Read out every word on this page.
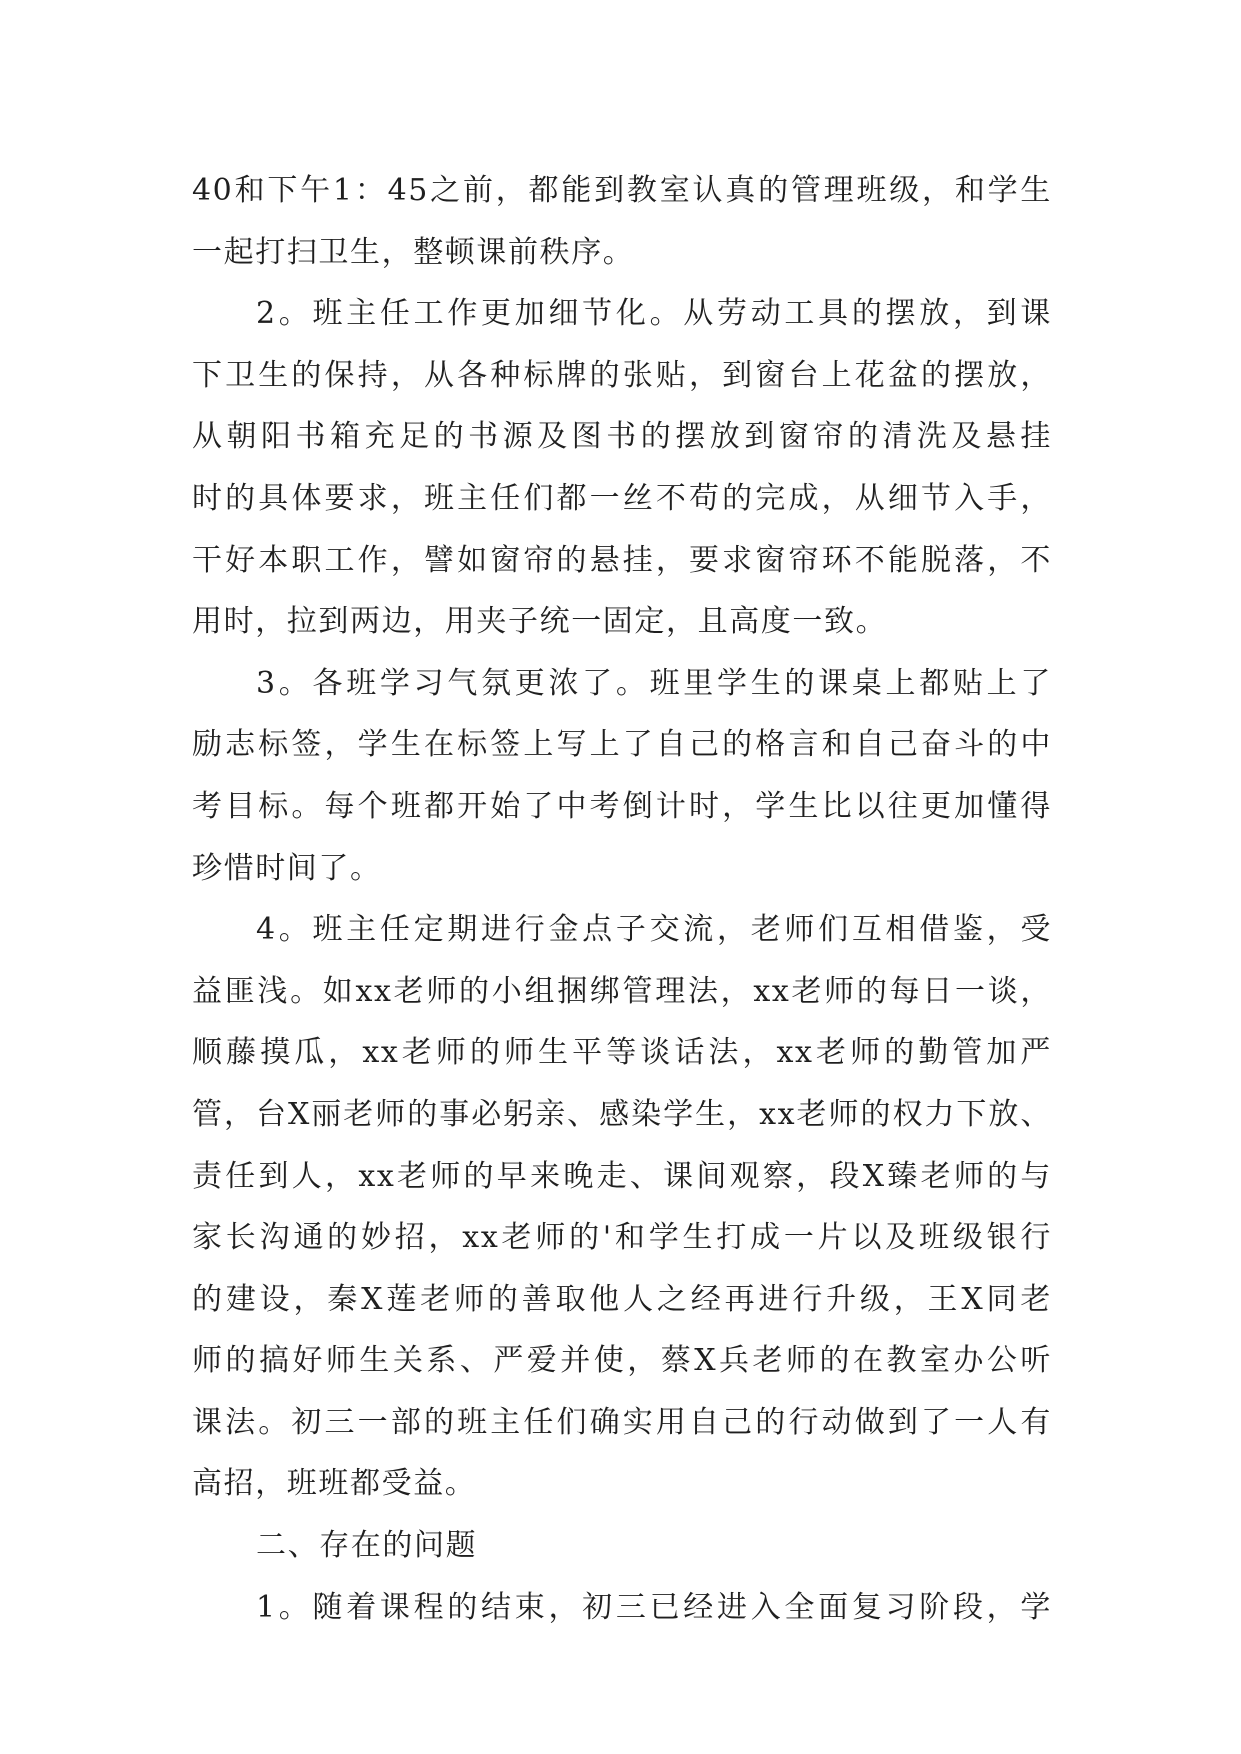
40和下午1：45之前，都能到教室认真的管理班级，和学生
一起打扫卫生，整顿课前秩序。
2。班主任工作更加细节化。从劳动工具的摆放，到课
下卫生的保持，从各种标牌的张贴，到窗台上花盆的摆放，
从朝阳书箱充足的书源及图书的摆放到窗帘的清洗及悬挂
时的具体要求，班主任们都一丝不苟的完成，从细节入手，
干好本职工作，譬如窗帘的悬挂，要求窗帘环不能脱落，不
用时，拉到两边，用夹子统一固定，且高度一致。
3。各班学习气氛更浓了。班里学生的课桌上都贴上了
励志标签，学生在标签上写上了自己的格言和自己奋斗的中
考目标。每个班都开始了中考倒计时，学生比以往更加懂得
珍惜时间了。
4。班主任定期进行金点子交流，老师们互相借鉴，受
益匪浅。如xx老师的小组捆绑管理法，xx老师的每日一谈，
顺藤摸瓜，xx老师的师生平等谈话法，xx老师的勤管加严
管，台X丽老师的事必躬亲、感染学生，xx老师的权力下放、
责任到人，xx老师的早来晚走、课间观察，段X臻老师的与
家长沟通的妙招，xx老师的'和学生打成一片以及班级银行
的建设，秦X莲老师的善取他人之经再进行升级，王X同老
师的搞好师生关系、严爱并使，蔡X兵老师的在教室办公听
课法。初三一部的班主任们确实用自己的行动做到了一人有
高招，班班都受益。
二、存在的问题
1。随着课程的结束，初三已经进入全面复习阶段，学
